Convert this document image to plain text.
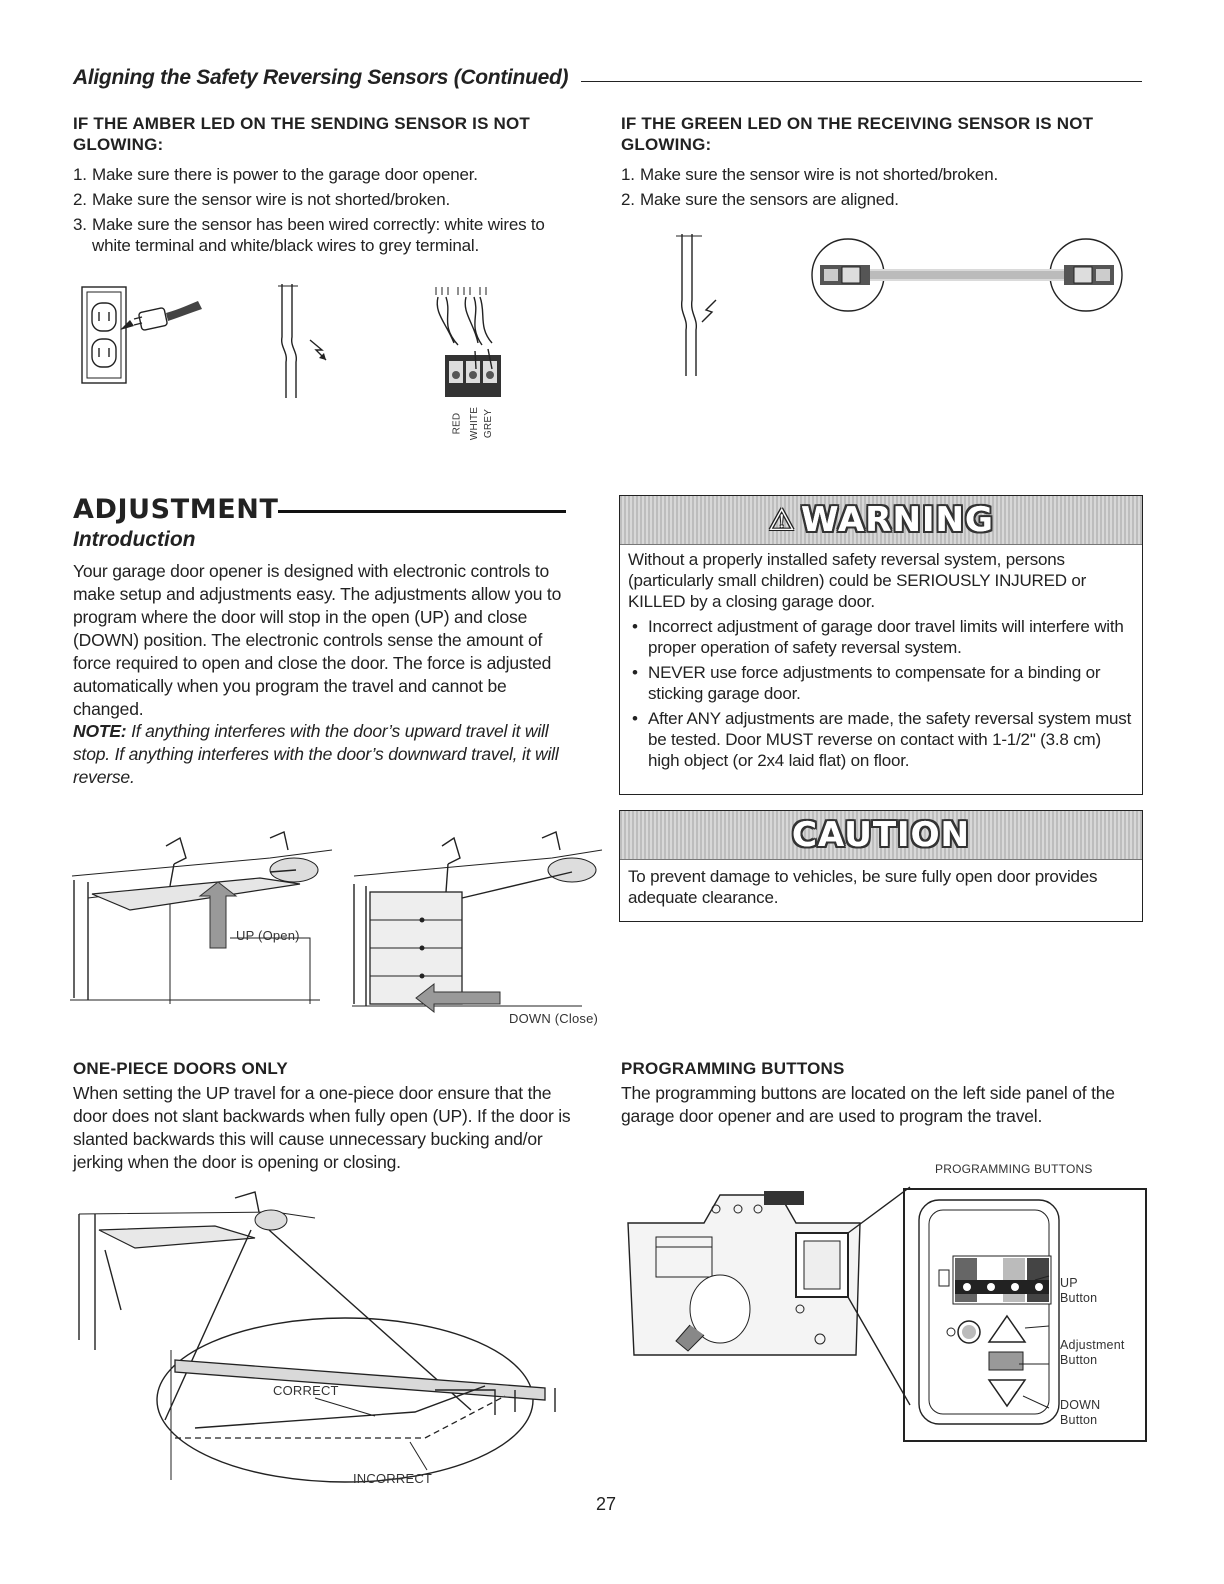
Aligning the Safety Reversing Sensors (Continued)
IF THE AMBER LED ON THE SENDING SENSOR IS NOT GLOWING:
1. Make sure there is power to the garage door opener.
2. Make sure the sensor wire is not shorted/broken.
3. Make sure the sensor has been wired correctly: white wires to white terminal and white/black wires to grey terminal.
RED WHITE GREY
IF THE GREEN LED ON THE RECEIVING SENSOR IS NOT GLOWING:
1. Make sure the sensor wire is not shorted/broken.
2. Make sure the sensors are aligned.
ADJUSTMENT
Introduction

Your garage door opener is designed with electronic controls to make setup and adjustments easy. The adjustments allow you to program where the door will stop in the open (UP) and close (DOWN) position. The electronic controls sense the amount of force required to open and close the door. The force is adjusted automatically when you program the travel and cannot be changed.

NOTE: If anything interferes with the door’s upward travel it will stop. If anything interferes with the door’s downward travel, it will reverse.

⚠ WARNING
Without a properly installed safety reversal system, persons (particularly small children) could be SERIOUSLY INJURED or KILLED by a closing garage door.
• Incorrect adjustment of garage door travel limits will interfere with proper operation of safety reversal system.
• NEVER use force adjustments to compensate for a binding or sticking garage door.
• After ANY adjustments are made, the safety reversal system must be tested. Door MUST reverse on contact with 1-1/2" (3.8 cm) high object (or 2x4 laid flat) on floor.
CAUTION
To prevent damage to vehicles, be sure fully open door provides adequate clearance.
UP (Open)
DOWN (Close)
ONE-PIECE DOORS ONLY

When setting the UP travel for a one-piece door ensure that the door does not slant backwards when fully open (UP). If the door is slanted backwards this will cause unnecessary bucking and/or jerking when the door is opening or closing.

CORRECT
INCORRECT
PROGRAMMING BUTTONS

The programming buttons are located on the left side panel of the garage door opener and are used to program the travel.

PROGRAMMING BUTTONS
UP
Button
Adjustment
Button
DOWN
Button
27
